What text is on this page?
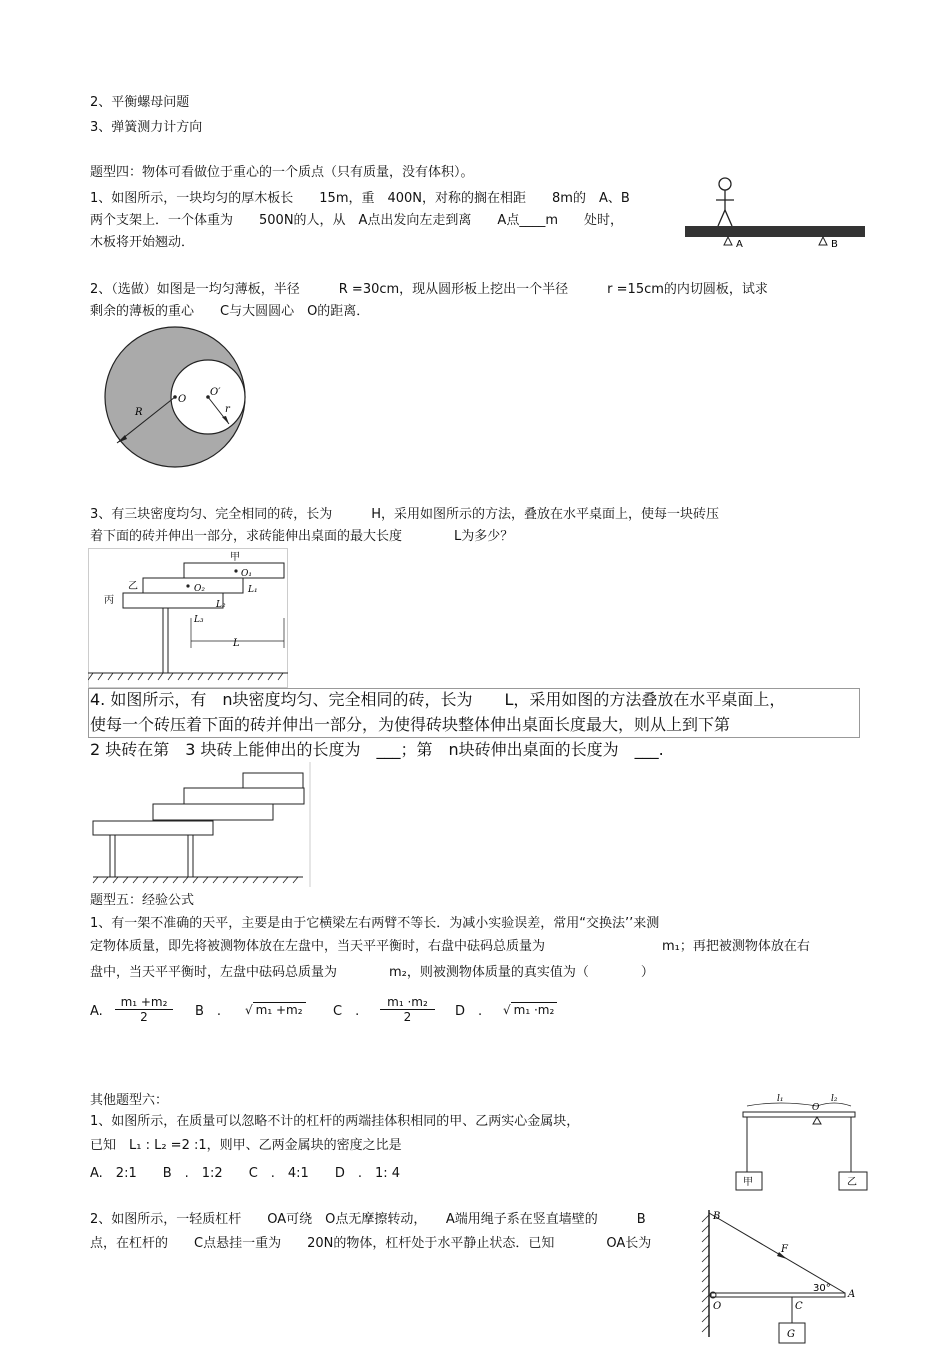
2、平衡螺母问题
3、弹簧测力计方向
题型四：物体可看做位于重心的一个质点（只有质量，没有体积）。
1、如图所示，一块均匀的厚木板长　　15m，重　400N，对称的搁在相距　　8m的　A、B
两个支架上．一个体重为　　500N的人，从　A点出发向左走到离　　A点____m　　处时，
木板将开始翘动．	A	B
2、（选做）如图是一均匀薄板，半径　　　R =30cm，现从圆形板上挖出一个半径　　　r =15cm的内切圆板，试求
剩余的薄板的重心　　C与大圆圆心　O的距离．
O
O′
R	r
3、有三块密度均匀、完全相同的砖，长为　　　H，采用如图所示的方法，叠放在水平桌面上，使每一块砖压
着下面的砖并伸出一部分，求砖能伸出桌面的最大长度　　　　L为多少？
甲
乙
丙
O₁
O₂	L₁
L₂
L₃
L
4. 如图所示，有　n块密度均匀、完全相同的砖，长为　　L，采用如图的方法叠放在水平桌面上，
使每一个砖压着下面的砖并伸出一部分，为使得砖块整体伸出桌面长度最大，则从上到下第
2 块砖在第　3 块砖上能伸出的长度为　___；第　n块砖伸出桌面的长度为　___.
题型五：经验公式
1、有一架不准确的天平，主要是由于它横梁左右两臂不等长．为减小实验误差，常用“交换法’’来测
定物体质量，即先将被测物体放在左盘中，当天平平衡时，右盘中砝码总质量为　　　　　　　　　m₁；再把被测物体放在右
盘中，当天平平衡时，左盘中砝码总质量为　　　　m₂，则被测物体质量的真实值为（　　　　）
A. $\frac{\text{m₁ +m₂}}{2}$ B　. √ m₁ +m₂ C　. $\frac{\text{m₁ ·m₂}}{2}$ D　. √ m₁ ·m₂
其他题型六：
1、如图所示，在质量可以忽略不计的杠杆的两端挂体积相同的甲、乙两实心金属块，
已知　L₁ : L₂ =2 :1，则甲、乙两金属块的密度之比是
A.　2:1　　B　.　1:2　　C　.　4:1　　D　.　1: 4
l₁	l₂
O
甲	乙
2、如图所示，一轻质杠杆　　OA可绕　O点无摩擦转动，　　A端用绳子系在竖直墙壁的　　　B
点，在杠杆的　　C点悬挂一重为　　20N的物体，杠杆处于水平静止状态．已知　　　　OA长为
B
F
30°
O	C
A
G
